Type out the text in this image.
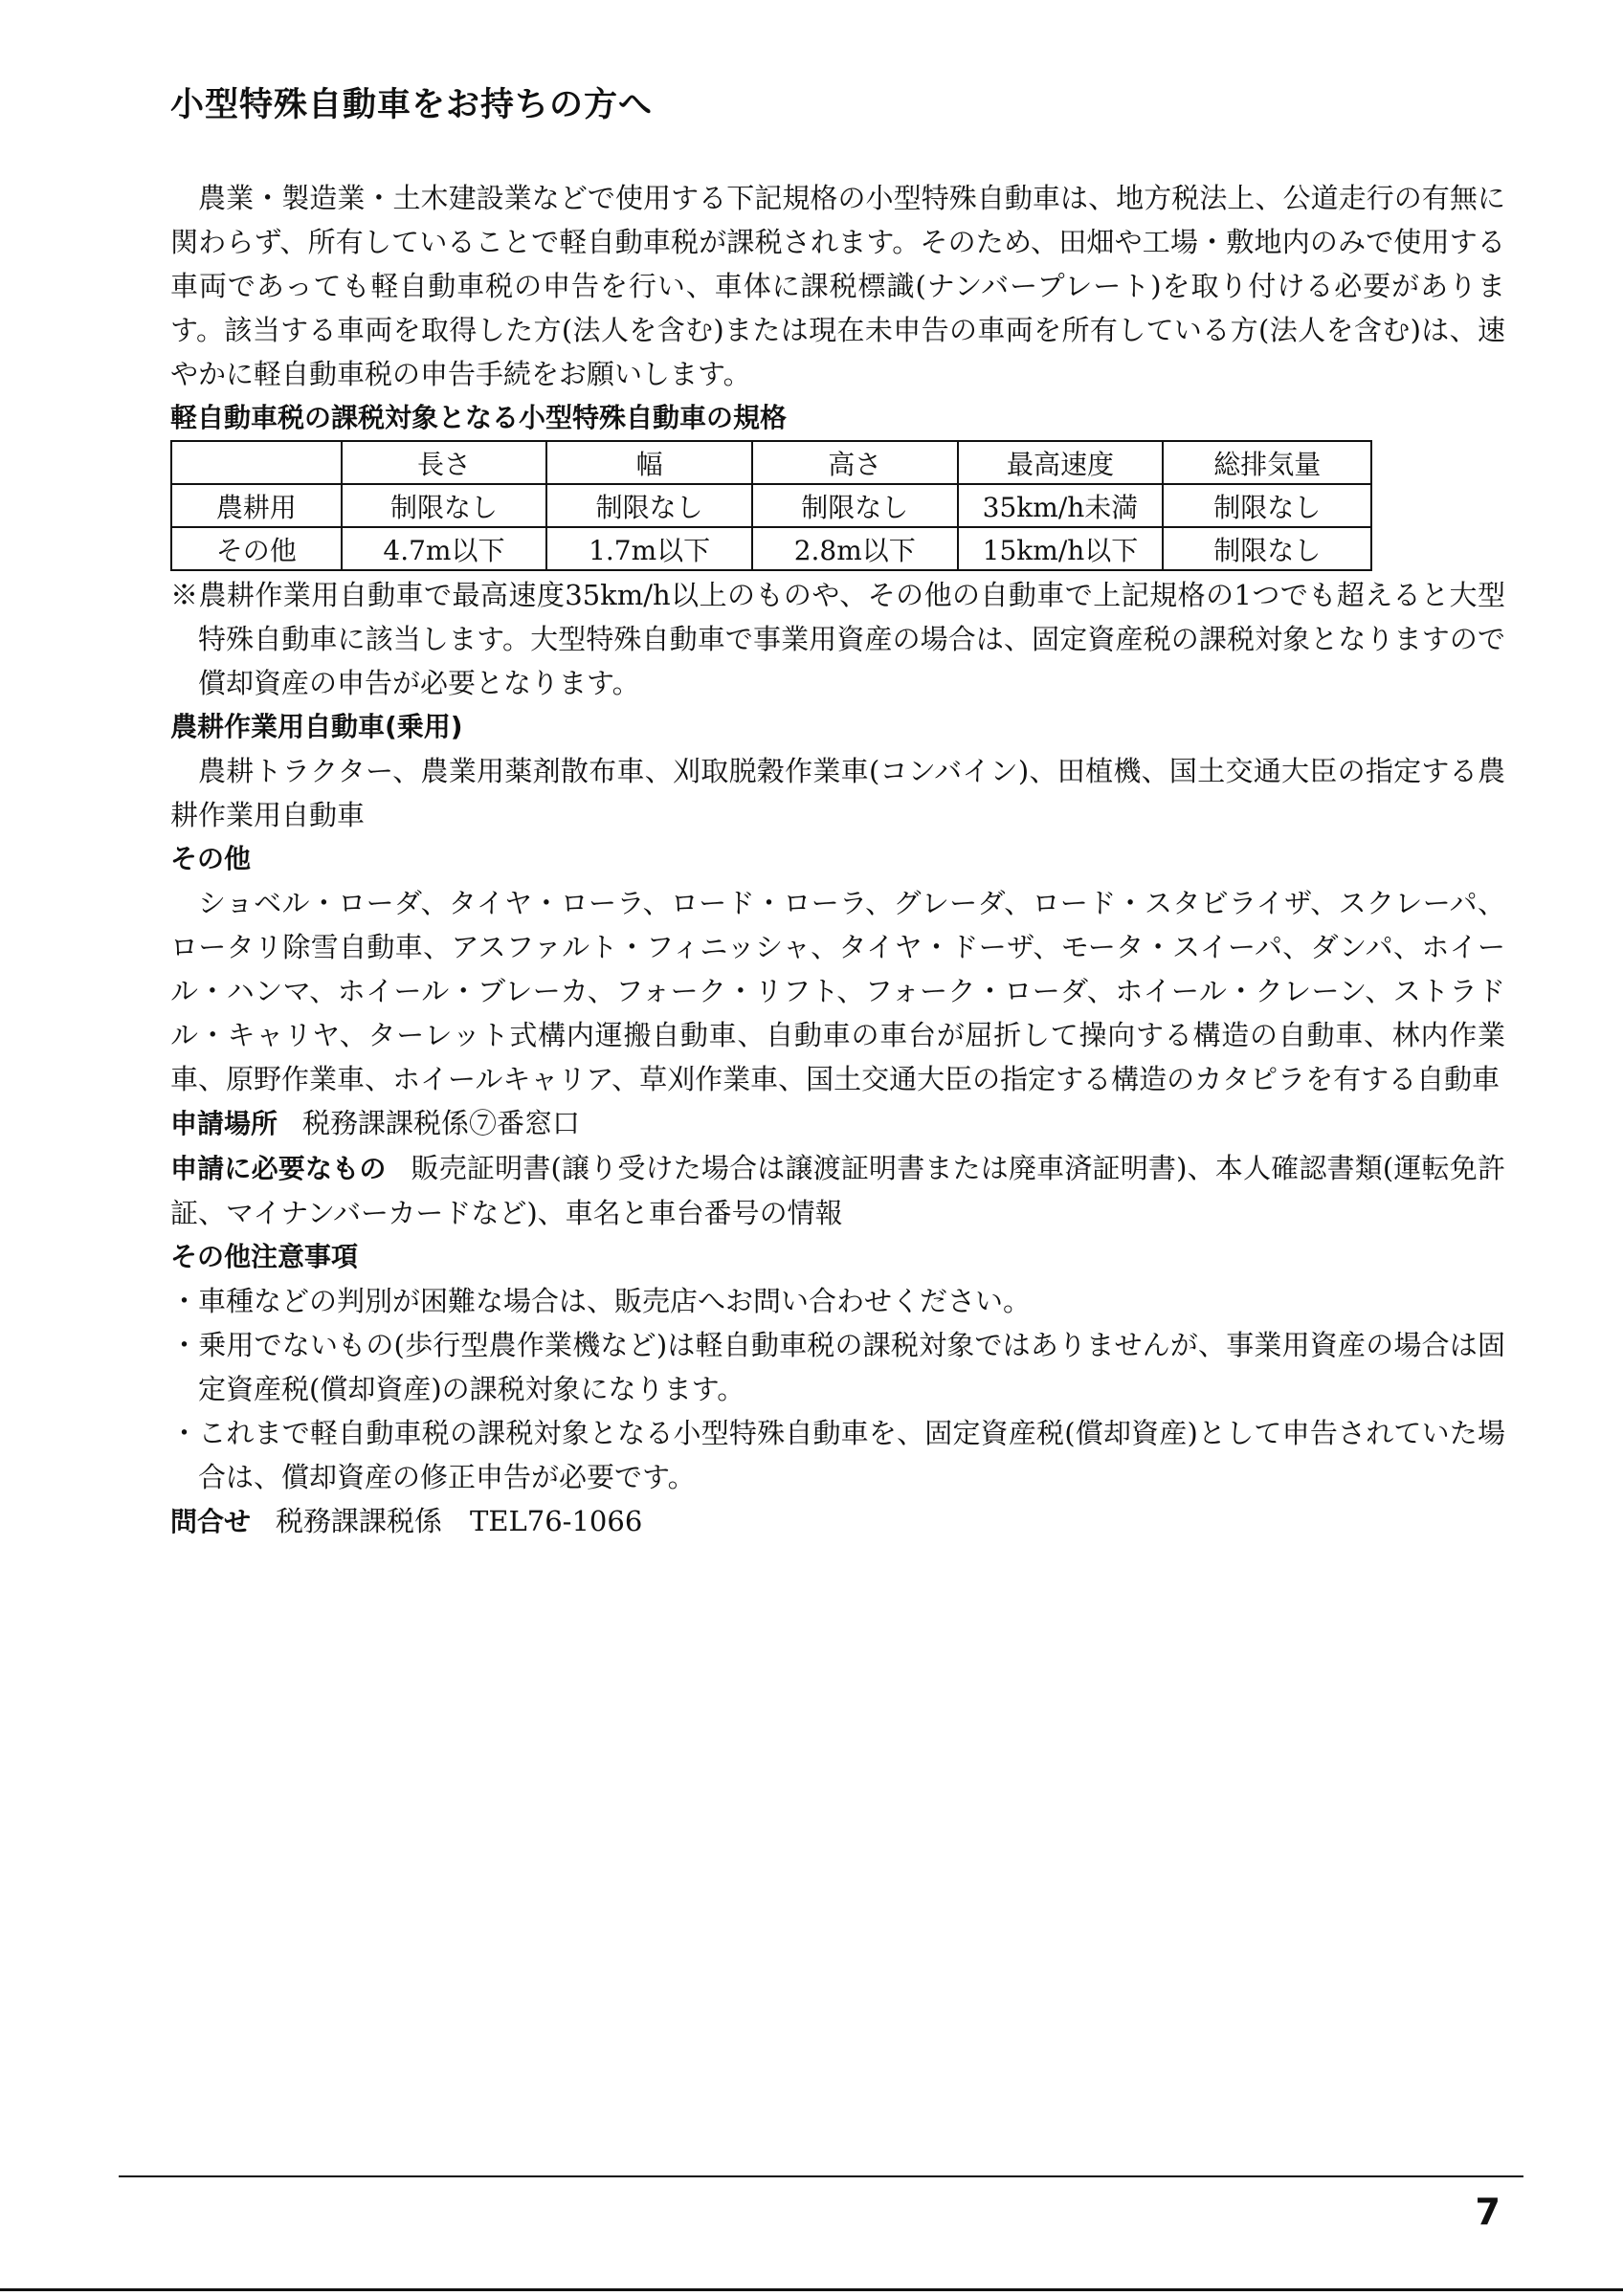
小型特殊自動車をお持ちの方へ

農業・製造業・土木建設業などで使用する下記規格の小型特殊自動車は、地方税法上、公道走行の有無に関わらず、所有していることで軽自動車税が課税されます。そのため、田畑や工場・敷地内のみで使用する車両であっても軽自動車税の申告を行い、車体に課税標識(ナンバープレート)を取り付ける必要があります。該当する車両を取得した方(法人を含む)または現在未申告の車両を所有している方(法人を含む)は、速やかに軽自動車税の申告手続をお願いします。

軽自動車税の課税対象となる小型特殊自動車の規格

	長さ	幅	高さ	最高速度	総排気量
農耕用	制限なし	制限なし	制限なし	35km/h未満	制限なし
その他	4.7m以下	1.7m以下	2.8m以下	15km/h以下	制限なし

※農耕作業用自動車で最高速度35km/h以上のものや、その他の自動車で上記規格の1つでも超えると大型特殊自動車に該当します。大型特殊自動車で事業用資産の場合は、固定資産税の課税対象となりますので償却資産の申告が必要となります。

農耕作業用自動車(乗用)

農耕トラクター、農業用薬剤散布車、刈取脱穀作業車(コンバイン)、田植機、国土交通大臣の指定する農耕作業用自動車

その他

ショベル・ローダ、タイヤ・ローラ、ロード・ローラ、グレーダ、ロード・スタビライザ、スクレーパ、ロータリ除雪自動車、アスファルト・フィニッシャ、タイヤ・ドーザ、モータ・スイーパ、ダンパ、ホイール・ハンマ、ホイール・ブレーカ、フォーク・リフト、フォーク・ローダ、ホイール・クレーン、ストラドル・キャリヤ、ターレット式構内運搬自動車、自動車の車台が屈折して操向する構造の自動車、林内作業車、原野作業車、ホイールキャリア、草刈作業車、国土交通大臣の指定する構造のカタピラを有する自動車

申請場所 税務課課税係⑦番窓口

申請に必要なもの 販売証明書(譲り受けた場合は譲渡証明書または廃車済証明書)、本人確認書類(運転免許証、マイナンバーカードなど)、車名と車台番号の情報

その他注意事項

・車種などの判別が困難な場合は、販売店へお問い合わせください。

・乗用でないもの(歩行型農作業機など)は軽自動車税の課税対象ではありませんが、事業用資産の場合は固定資産税(償却資産)の課税対象になります。

・これまで軽自動車税の課税対象となる小型特殊自動車を、固定資産税(償却資産)として申告されていた場合は、償却資産の修正申告が必要です。

問合せ 税務課課税係　TEL76-1066

7
